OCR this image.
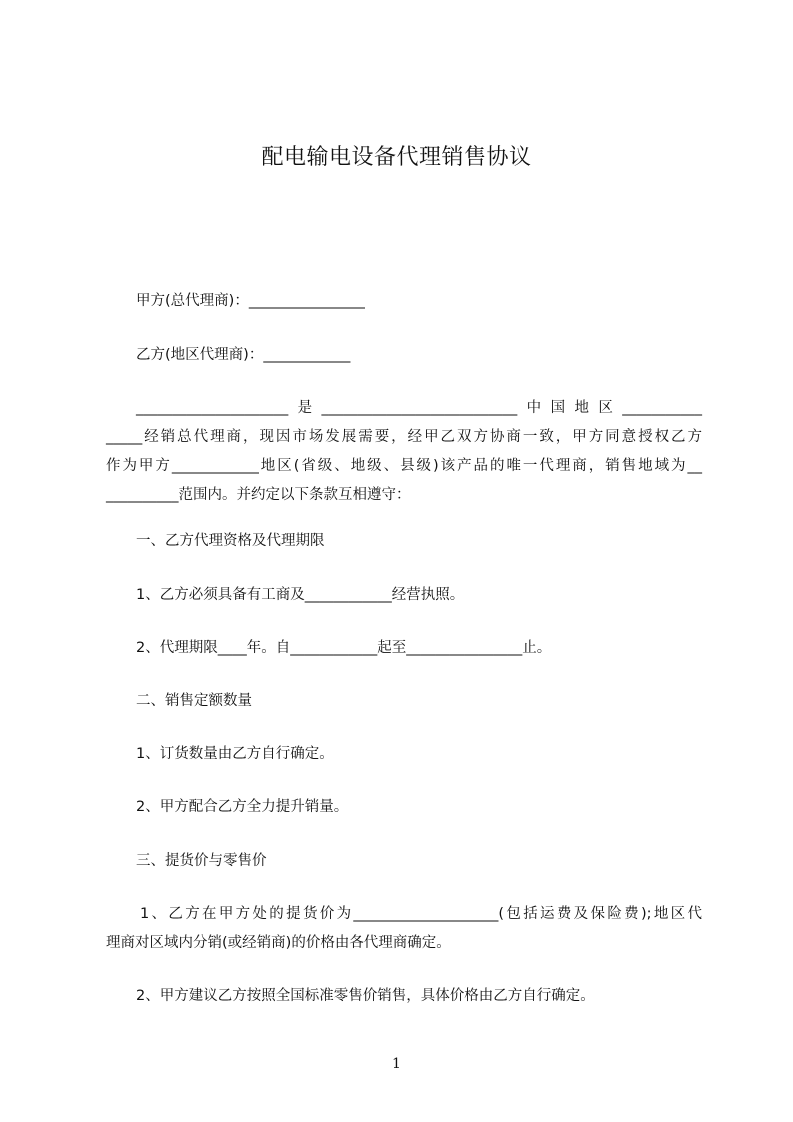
配电输电设备代理销售协议
甲方(总代理商)：________________
乙方(地区代理商)：____________
_____________________是___________________________中国地区___________
_____经销总代理商，现因市场发展需要，经甲乙双方协商一致，甲方同意授权乙方
作为甲方____________地区(省级、地级、县级)该产品的唯一代理商，销售地域为__
__________范围内。并约定以下条款互相遵守：
一、乙方代理资格及代理期限
1、乙方必须具备有工商及____________经营执照。
2、代理期限____年。自____________起至________________止。
二、销售定额数量
1、订货数量由乙方自行确定。
2、甲方配合乙方全力提升销量。
三、提货价与零售价
1、乙方在甲方处的提货价为____________________(包括运费及保险费);地区代
理商对区域内分销(或经销商)的价格由各代理商确定。
2、甲方建议乙方按照全国标准零售价销售，具体价格由乙方自行确定。
1
